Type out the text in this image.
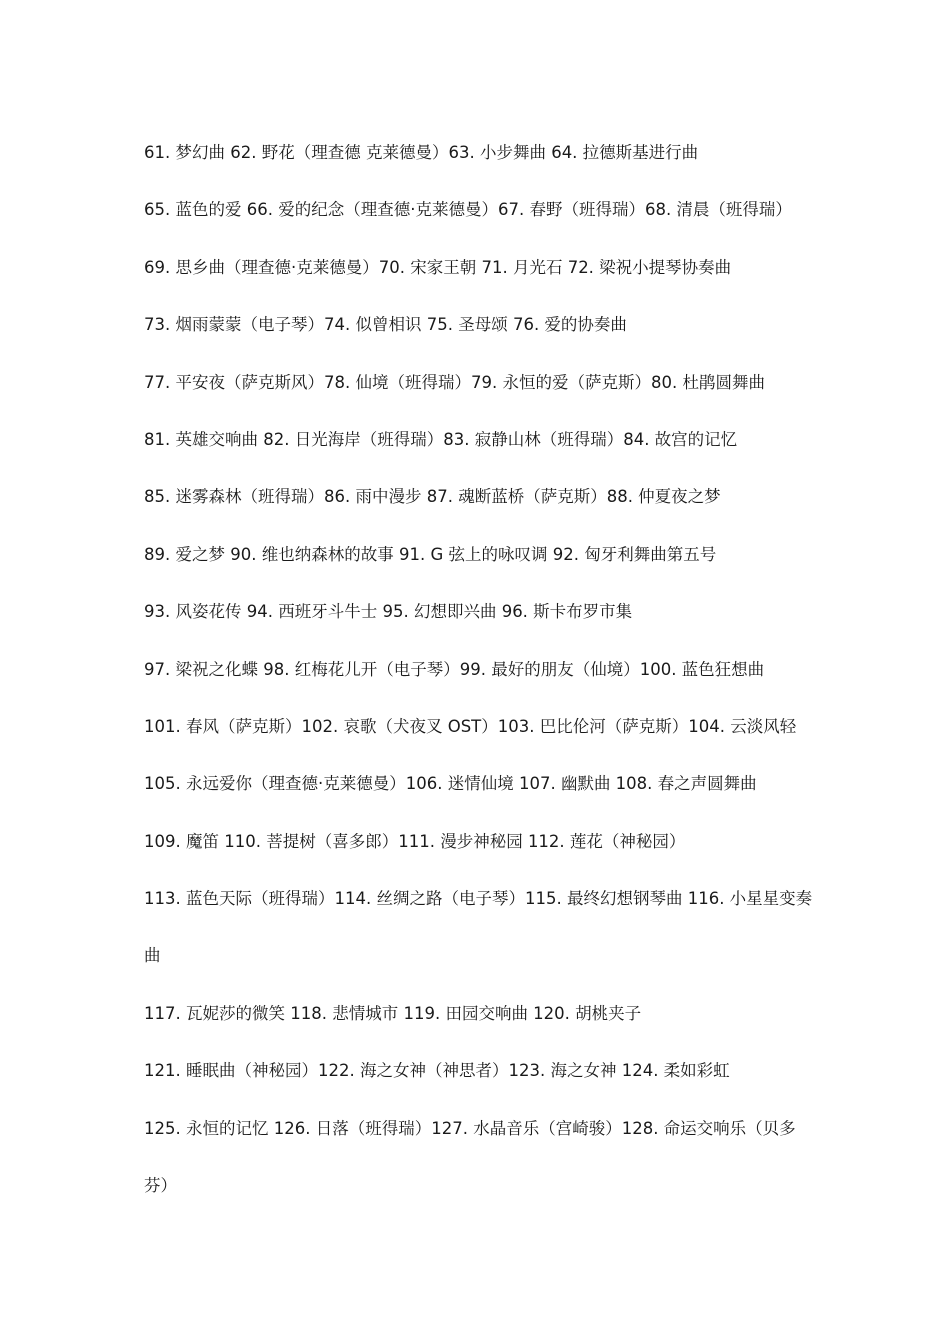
61. 梦幻曲 62. 野花（理查德 克莱德曼）63. 小步舞曲 64. 拉德斯基进行曲
65. 蓝色的爱 66. 爱的纪念（理查德·克莱德曼）67. 春野（班得瑞）68. 清晨（班得瑞）
69. 思乡曲（理查德·克莱德曼）70. 宋家王朝 71. 月光石 72. 梁祝小提琴协奏曲
73. 烟雨蒙蒙（电子琴）74. 似曾相识 75. 圣母颂 76. 爱的协奏曲
77. 平安夜（萨克斯风）78. 仙境（班得瑞）79. 永恒的爱（萨克斯）80. 杜鹃圆舞曲
81. 英雄交响曲 82. 日光海岸（班得瑞）83. 寂静山林（班得瑞）84. 故宫的记忆
85. 迷雾森林（班得瑞）86. 雨中漫步 87. 魂断蓝桥（萨克斯）88. 仲夏夜之梦
89. 爱之梦 90. 维也纳森林的故事 91. G 弦上的咏叹调 92. 匈牙利舞曲第五号
93. 风姿花传 94. 西班牙斗牛士 95. 幻想即兴曲 96. 斯卡布罗市集
97. 梁祝之化蝶 98. 红梅花儿开（电子琴）99. 最好的朋友（仙境）100. 蓝色狂想曲
101. 春风（萨克斯）102. 哀歌（犬夜叉 OST）103. 巴比伦河（萨克斯）104. 云淡风轻
105. 永远爱你（理查德·克莱德曼）106. 迷情仙境 107. 幽默曲 108. 春之声圆舞曲
109. 魔笛 110. 菩提树（喜多郎）111. 漫步神秘园 112. 莲花（神秘园）
113. 蓝色天际（班得瑞）114. 丝绸之路（电子琴）115. 最终幻想钢琴曲 116. 小星星变奏
曲
117. 瓦妮莎的微笑 118. 悲情城市 119. 田园交响曲 120. 胡桃夹子
121. 睡眠曲（神秘园）122. 海之女神（神思者）123. 海之女神 124. 柔如彩虹
125. 永恒的记忆 126. 日落（班得瑞）127. 水晶音乐（宫崎骏）128. 命运交响乐（贝多
芬）
